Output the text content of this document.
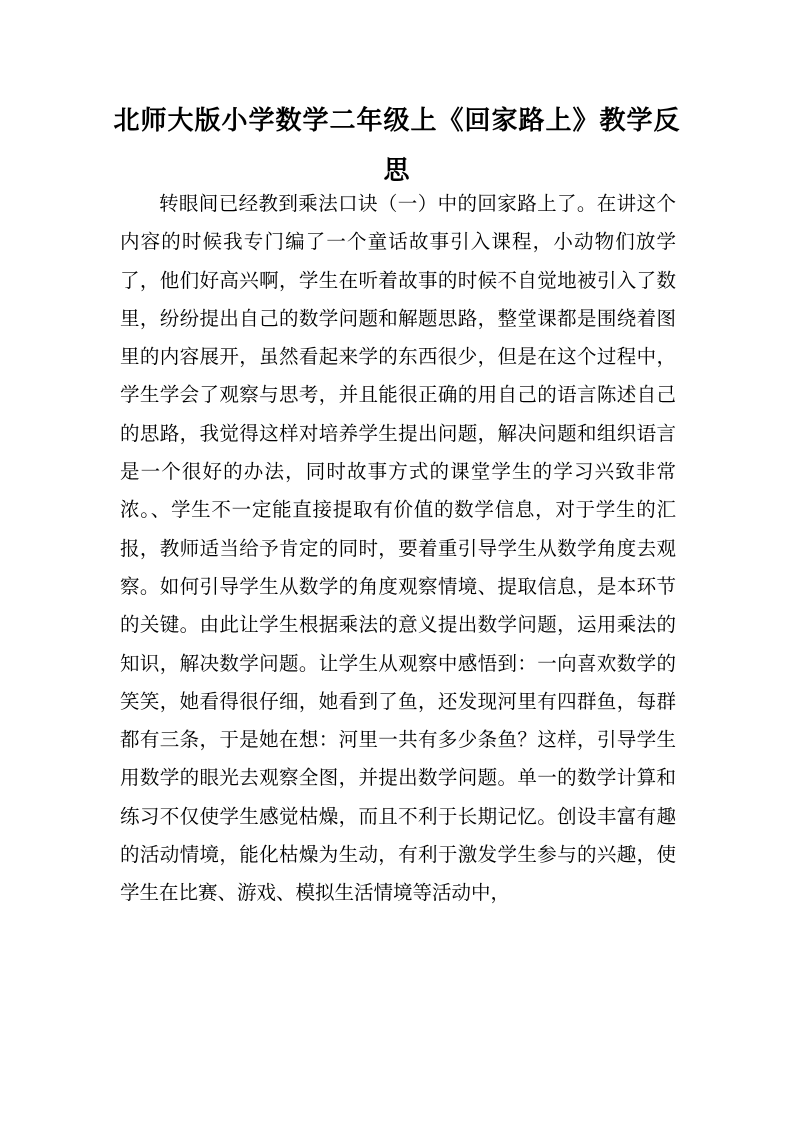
北师大版小学数学二年级上《回家路上》教学反思

转眼间已经教到乘法口诀（一）中的回家路上了。在讲这个内容的时候我专门编了一个童话故事引入课程，小动物们放学了，他们好高兴啊，学生在听着故事的时候不自觉地被引入了数里，纷纷提出自己的数学问题和解题思路，整堂课都是围绕着图里的内容展开，虽然看起来学的东西很少，但是在这个过程中，学生学会了观察与思考，并且能很正确的用自己的语言陈述自己的思路，我觉得这样对培养学生提出问题，解决问题和组织语言是一个很好的办法，同时故事方式的课堂学生的学习兴致非常浓。、学生不一定能直接提取有价值的数学信息，对于学生的汇报，教师适当给予肯定的同时，要着重引导学生从数学角度去观察。如何引导学生从数学的角度观察情境、提取信息，是本环节的关键。由此让学生根据乘法的意义提出数学问题，运用乘法的知识，解决数学问题。让学生从观察中感悟到：一向喜欢数学的笑笑，她看得很仔细，她看到了鱼，还发现河里有四群鱼，每群都有三条，于是她在想：河里一共有多少条鱼？这样，引导学生用数学的眼光去观察全图，并提出数学问题。单一的数学计算和练习不仅使学生感觉枯燥，而且不利于长期记忆。创设丰富有趣的活动情境，能化枯燥为生动，有利于激发学生参与的兴趣，使学生在比赛、游戏、模拟生活情境等活动中，
